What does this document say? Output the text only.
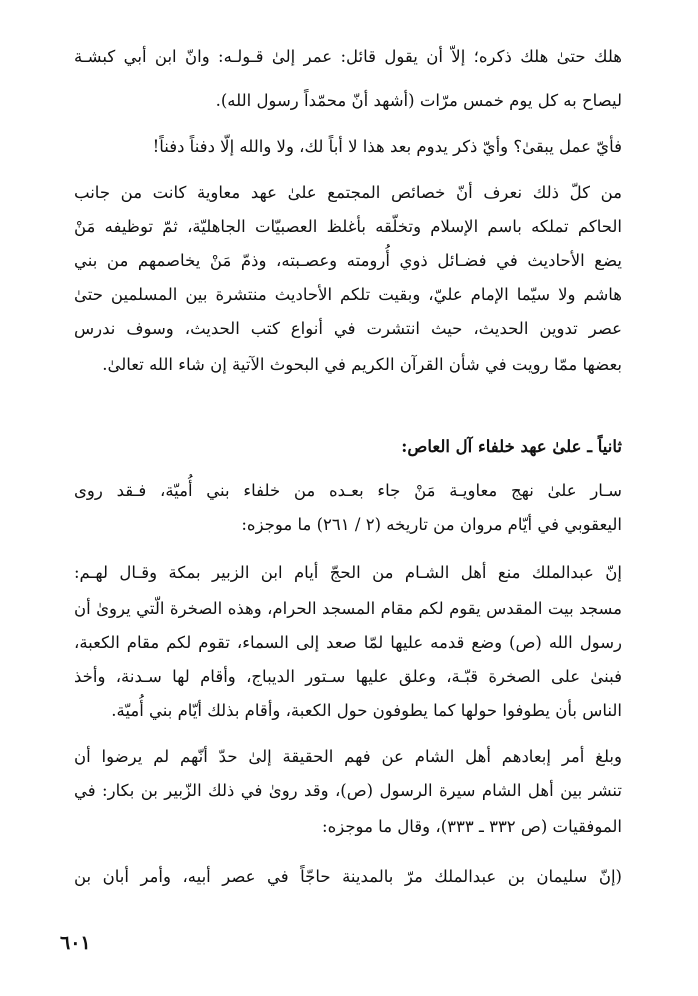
هلك حتىٰ هلك ذكره؛ إلاّ أن يقول قائل: عمر إلىٰ قـولـه: وانّ ابن أبي كبشـة
ليصاح به كل يوم خمس مرّات (أشهد أنّ محمّداً رسول الله).
فأيّ عمل يبقىٰ؟ وأيّ ذكر يدوم بعد هذا لا أباً لك، ولا والله إلّا دفناً دفناً!
من كلّ ذلك نعرف أنّ خصائص المجتمع علىٰ عهد معاوية كانت من جانب
الحاكم تملكه باسم الإسلام وتخلّقه بأغلظ العصبيّات الجاهليّة، ثمّ توظيفه مَنْ
يضع الأحاديث في فضـائل ذوي أُرومته وعصـبته، وذمّ مَنْ يخاصمهم من بني
هاشم ولا سيّما الإمام عليّ، وبقيت تلكم الأحاديث منتشرة بين المسلمين حتىٰ
عصر تدوين الحديث، حيث انتشرت في أنواع كتب الحديث، وسوف ندرس
بعضها ممّا رويت في شأن القرآن الكريم في البحوث الآتية إن شاء الله تعالىٰ.
ثانياً ـ علىٰ عهد خلفاء آل العاص:
سـار علىٰ نهج معاويـة مَنْ جاء بعـده من خلفاء بني أُميّة، فـقد روى
اليعقوبي في أيّام مروان من تاريخه (٢ / ٢٦١) ما موجزه:
إنّ عبدالملك منع أهل الشـام من الحجّ أيام ابن الزبير بمكة وقـال لهـم:
مسجد بيت المقدس يقوم لكم مقام المسجد الحرام، وهذه الصخرة الّتي يروىٰ أن
رسول الله (ص) وضع قدمه عليها لمّا صعد إلى السماء، تقوم لكم مقام الكعبة،
فبنىٰ على الصخرة قبّـة، وعلق عليها سـتور الديباج، وأقام لها سـدنة، وأخذ
الناس بأن يطوفوا حولها كما يطوفون حول الكعبة، وأقام بذلك أيّام بني أُميّة.
وبلغ أمر إبعادهم أهل الشام عن فهم الحقيقة إلىٰ حدّ أنّهم لم يرضوا أن
تنشر بين أهل الشام سيرة الرسول (ص)، وقد روىٰ في ذلك الزّبير بن بكار: في
الموفقيات (ص ٣٣٢ ـ ٣٣٣)، وقال ما موجزه:
(إنّ سليمان بن عبدالملك مرّ بالمدينة حاجّاً في عصر أبيه، وأمر أبان بن
٦٠١
